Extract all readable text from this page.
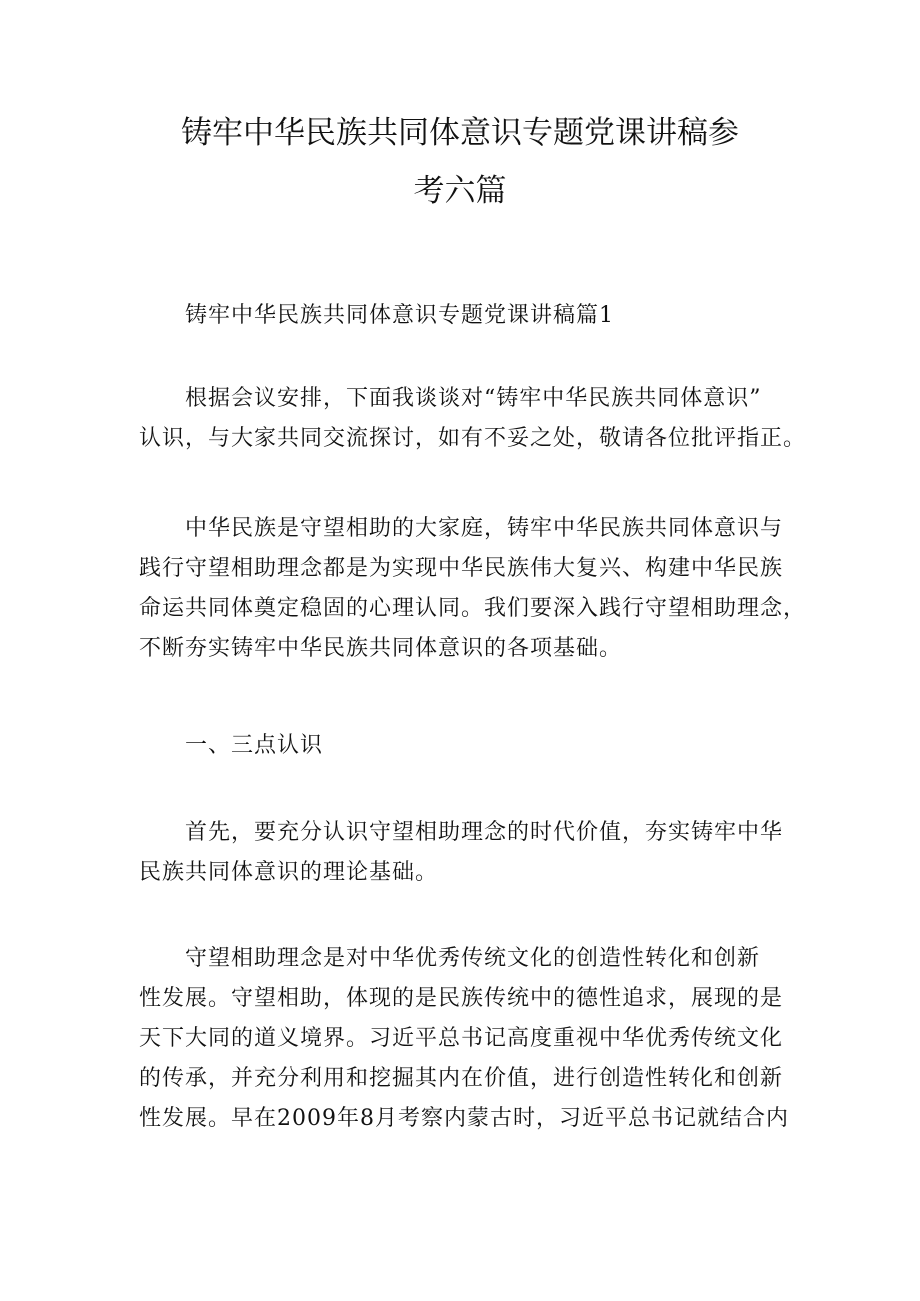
铸牢中华民族共同体意识专题党课讲稿参
考六篇
铸牢中华民族共同体意识专题党课讲稿篇1
根据会议安排，下面我谈谈对“铸牢中华民族共同体意识”
认识，与大家共同交流探讨，如有不妥之处，敬请各位批评指正。
中华民族是守望相助的大家庭，铸牢中华民族共同体意识与
践行守望相助理念都是为实现中华民族伟大复兴、构建中华民族
命运共同体奠定稳固的心理认同。我们要深入践行守望相助理念，
不断夯实铸牢中华民族共同体意识的各项基础。
一、三点认识
首先，要充分认识守望相助理念的时代价值，夯实铸牢中华
民族共同体意识的理论基础。
守望相助理念是对中华优秀传统文化的创造性转化和创新
性发展。守望相助，体现的是民族传统中的德性追求，展现的是
天下大同的道义境界。习近平总书记高度重视中华优秀传统文化
的传承，并充分利用和挖掘其内在价值，进行创造性转化和创新
性发展。早在2009年8月考察内蒙古时，习近平总书记就结合内
